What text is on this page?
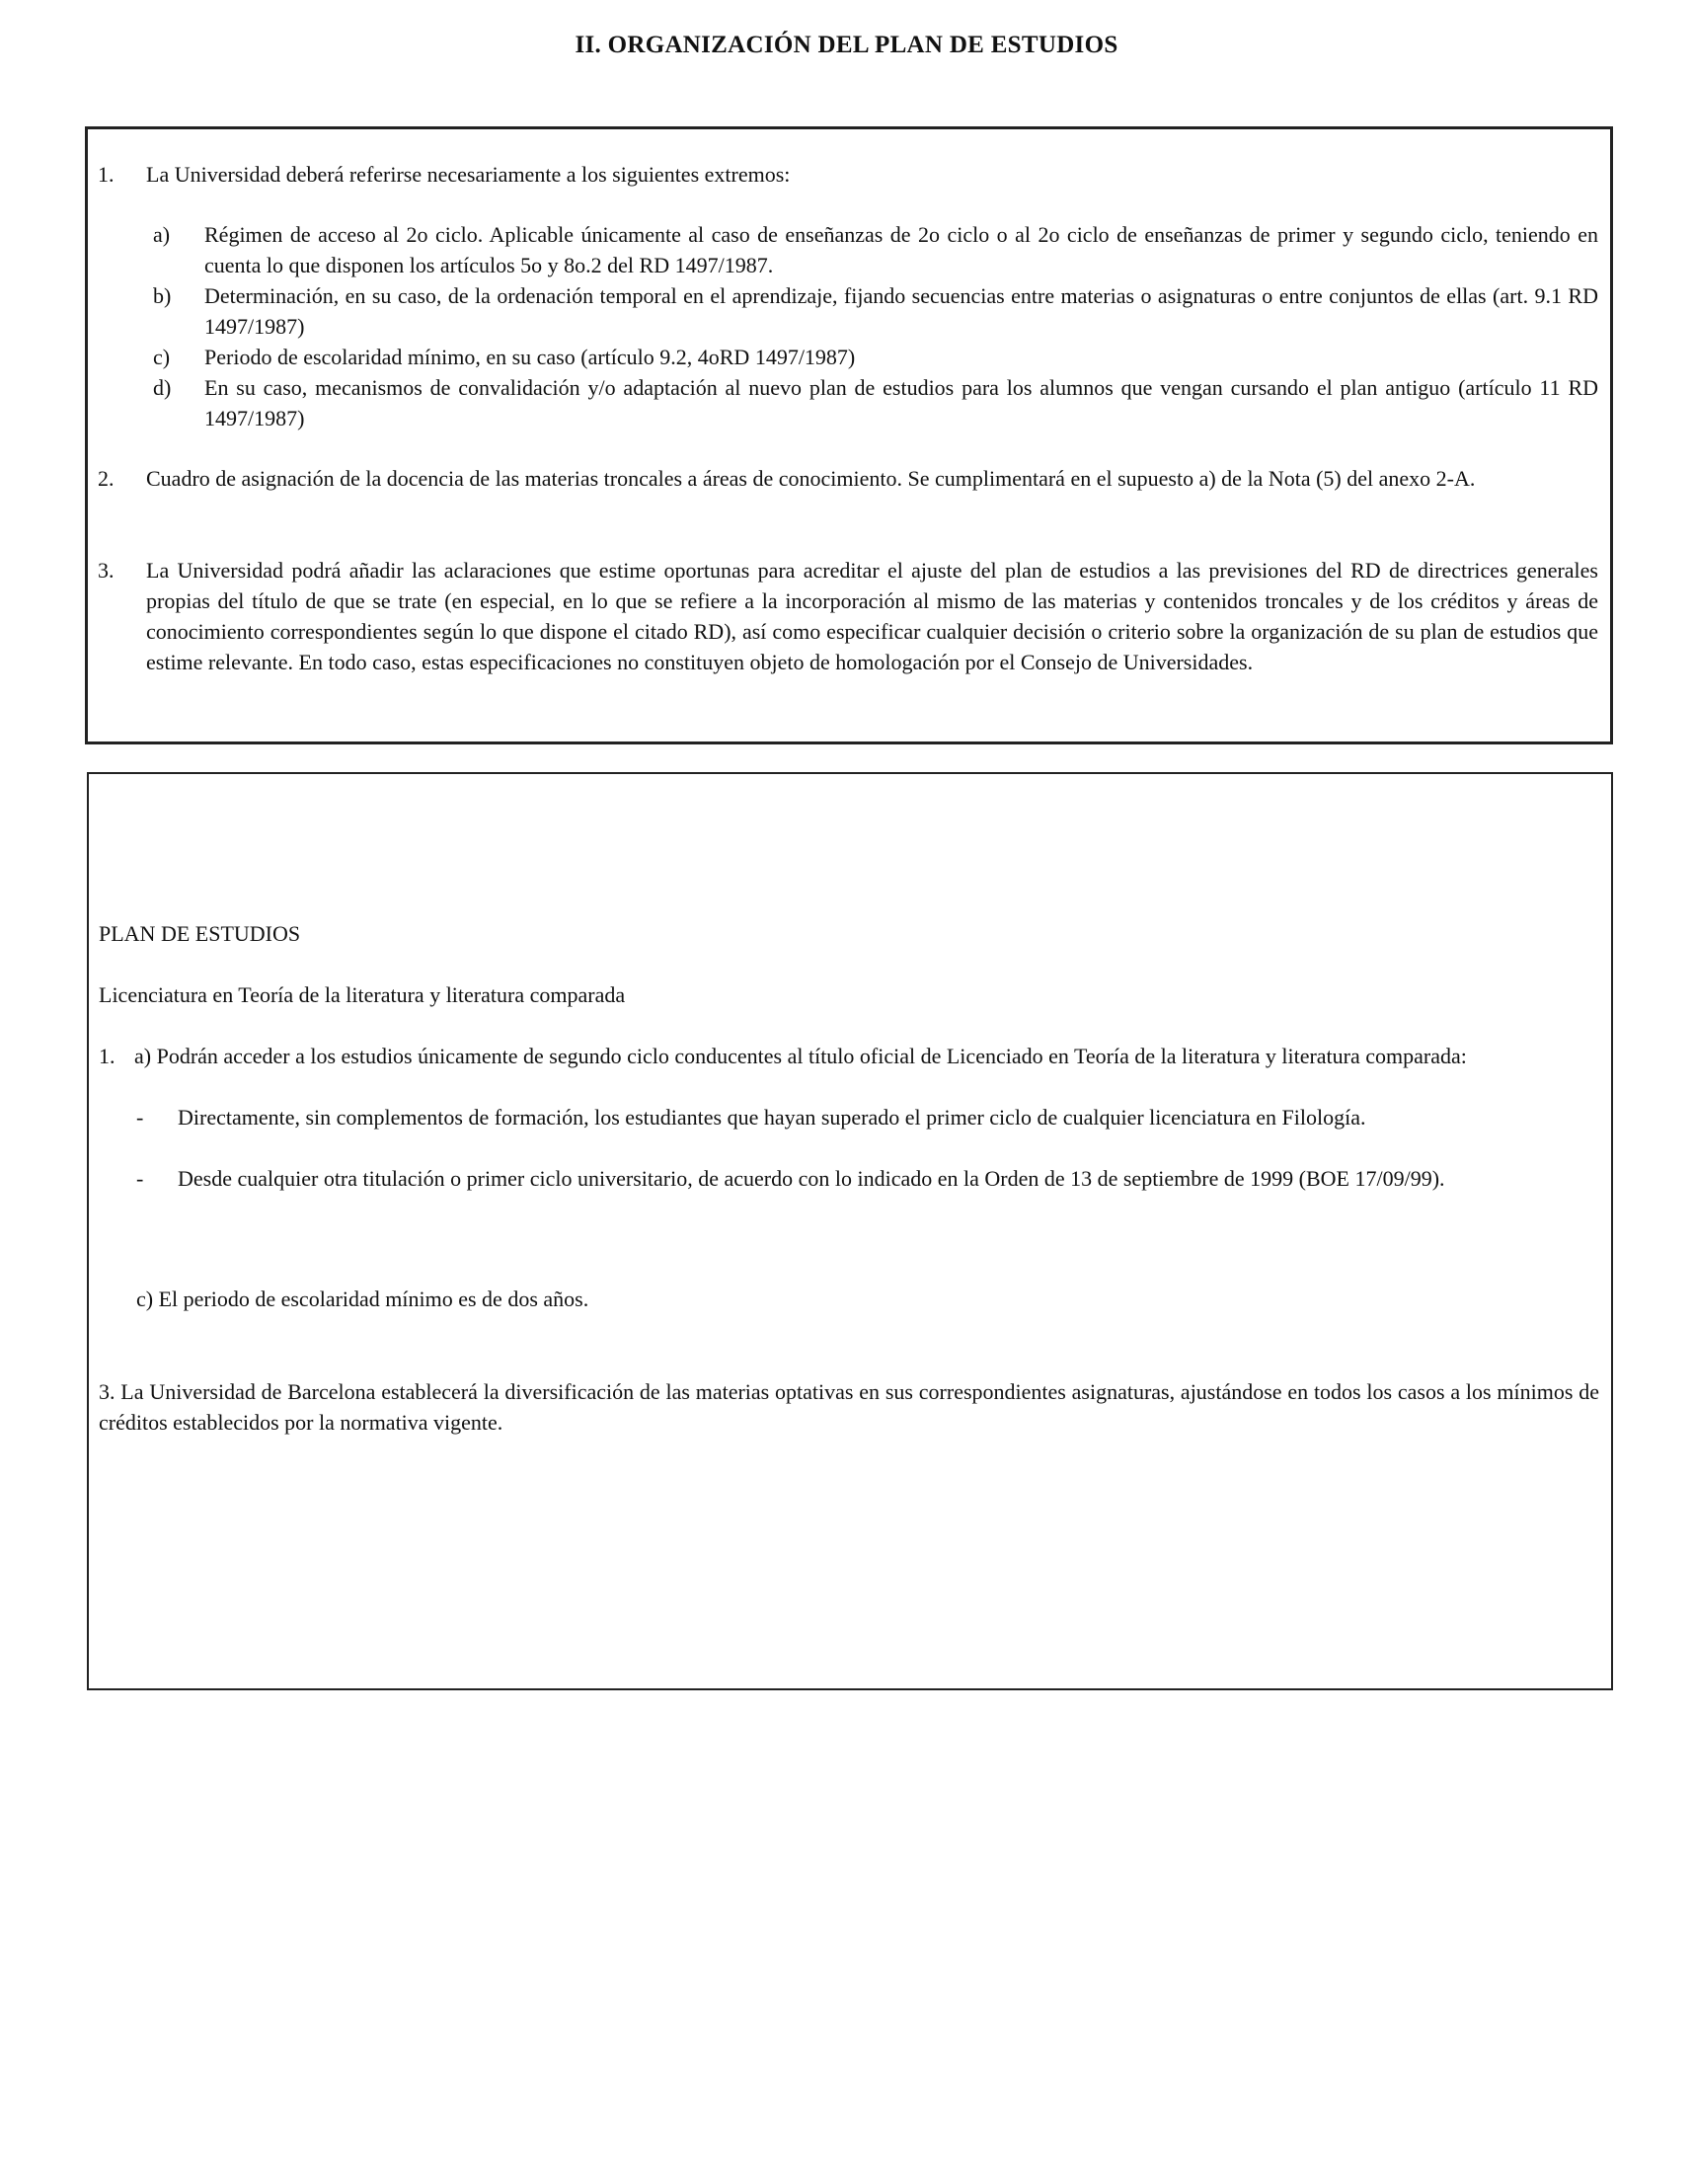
II. ORGANIZACIÓN DEL PLAN DE ESTUDIOS
1.	La Universidad deberá referirse necesariamente a los siguientes extremos:
a)	Régimen de acceso al 2o ciclo. Aplicable únicamente al caso de enseñanzas de 2o ciclo o al 2o ciclo de enseñanzas de primer y segundo ciclo, teniendo en cuenta lo que disponen los artículos 5o y 8o.2 del RD 1497/1987.
b)	Determinación, en su caso, de la ordenación temporal en el aprendizaje, fijando secuencias entre materias o asignaturas o entre conjuntos de ellas (art. 9.1 RD 1497/1987)
c)	Periodo de escolaridad mínimo, en su caso (artículo 9.2, 4oRD 1497/1987)
d)	En su caso, mecanismos de convalidación y/o adaptación al nuevo plan de estudios para los alumnos que vengan cursando el plan antiguo (artículo 11 RD 1497/1987)
2.	Cuadro de asignación de la docencia de las materias troncales a áreas de conocimiento. Se cumplimentará en el supuesto a) de la Nota (5) del anexo 2-A.
3.	La Universidad podrá añadir las aclaraciones que estime oportunas para acreditar el ajuste del plan de estudios a las previsiones del RD de directrices generales propias del título de que se trate (en especial, en lo que se refiere a la incorporación al mismo de las materias y contenidos troncales y de los créditos y áreas de conocimiento correspondientes según lo que dispone el citado RD), así como especificar cualquier decisión o criterio sobre la organización de su plan de estudios que estime relevante. En todo caso, estas especificaciones no constituyen objeto de homologación por el Consejo de Universidades.
PLAN DE ESTUDIOS
Licenciatura en Teoría de la literatura y literatura comparada
1. a) Podrán acceder a los estudios únicamente de segundo ciclo conducentes al título oficial de Licenciado en Teoría de la literatura y literatura comparada:
-	Directamente, sin complementos de formación, los estudiantes que hayan superado el primer ciclo de cualquier licenciatura en Filología.
-	Desde cualquier otra titulación o primer ciclo universitario, de acuerdo con lo indicado en la Orden de 13 de septiembre de 1999 (BOE 17/09/99).
c) El periodo de escolaridad mínimo es de dos años.
3. La Universidad de Barcelona establecerá la diversificación de las materias optativas en sus correspondientes asignaturas, ajustándose en todos los casos a los mínimos de créditos establecidos por la normativa vigente.
